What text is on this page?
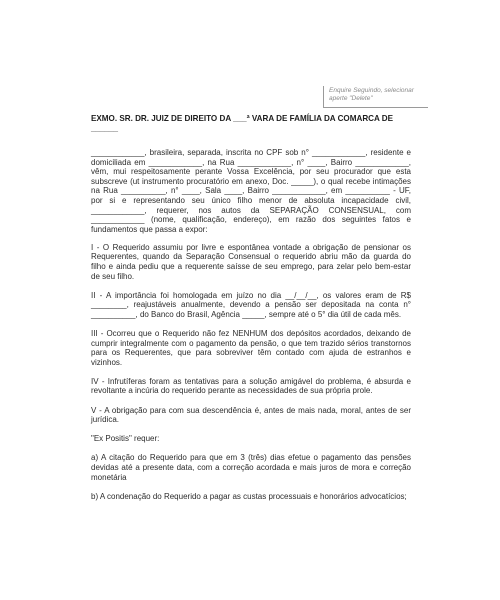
Enquire Seguindo, selecionar
aperte "Delete"

EXMO. SR. DR. JUIZ DE DIREITO DA ___ª VARA DE FAMÍLIA DA COMARCA DE ______

____________, brasileira, separada, inscrita no CPF sob n° ____________, residente e domiciliada em ____________, na Rua ____________, n° ____, Bairro ____________, vêm, mui respeitosamente perante Vossa Excelência, por seu procurador que esta subscreve (ut instrumento procuratório em anexo, Doc. _____), o qual recebe intimações na Rua __________, n° ____, Sala ____, Bairro ____________, em __________ - UF, por si e representando seu único filho menor de absoluta incapacidade civil, ____________, requerer, nos autos da SEPARAÇÃO CONSENSUAL, com ____________ (nome, qualificação, endereço), em razão dos seguintes fatos e fundamentos que passa a expor:

I - O Requerido assumiu por livre e espontânea vontade a obrigação de pensionar os Requerentes, quando da Separação Consensual o requerido abriu mão da guarda do filho e ainda pediu que a requerente saísse de seu emprego, para zelar pelo bem-estar de seu filho.

II - A importância foi homologada em juízo no dia __/__/__, os valores eram de R$ ________, reajustáveis anualmente, devendo a pensão ser depositada na conta n° __________, do Banco do Brasil, Agência _____, sempre até o 5° dia útil de cada mês.

III - Ocorreu que o Requerido não fez NENHUM dos depósitos acordados, deixando de cumprir integralmente com o pagamento da pensão, o que tem trazido sérios transtornos para os Requerentes, que para sobreviver têm contado com ajuda de estranhos e vizinhos.

IV - Infrutíferas foram as tentativas para a solução amigável do problema, é absurda e revoltante a incúria do requerido perante as necessidades de sua própria prole.

V - A obrigação para com sua descendência é, antes de mais nada, moral, antes de ser jurídica.

"Ex Positis" requer:

a) A citação do Requerido para que em 3 (três) dias efetue o pagamento das pensões devidas até a presente data, com a correção acordada e mais juros de mora e correção monetária

b) A condenação do Requerido a pagar as custas processuais e honorários advocatícios;
